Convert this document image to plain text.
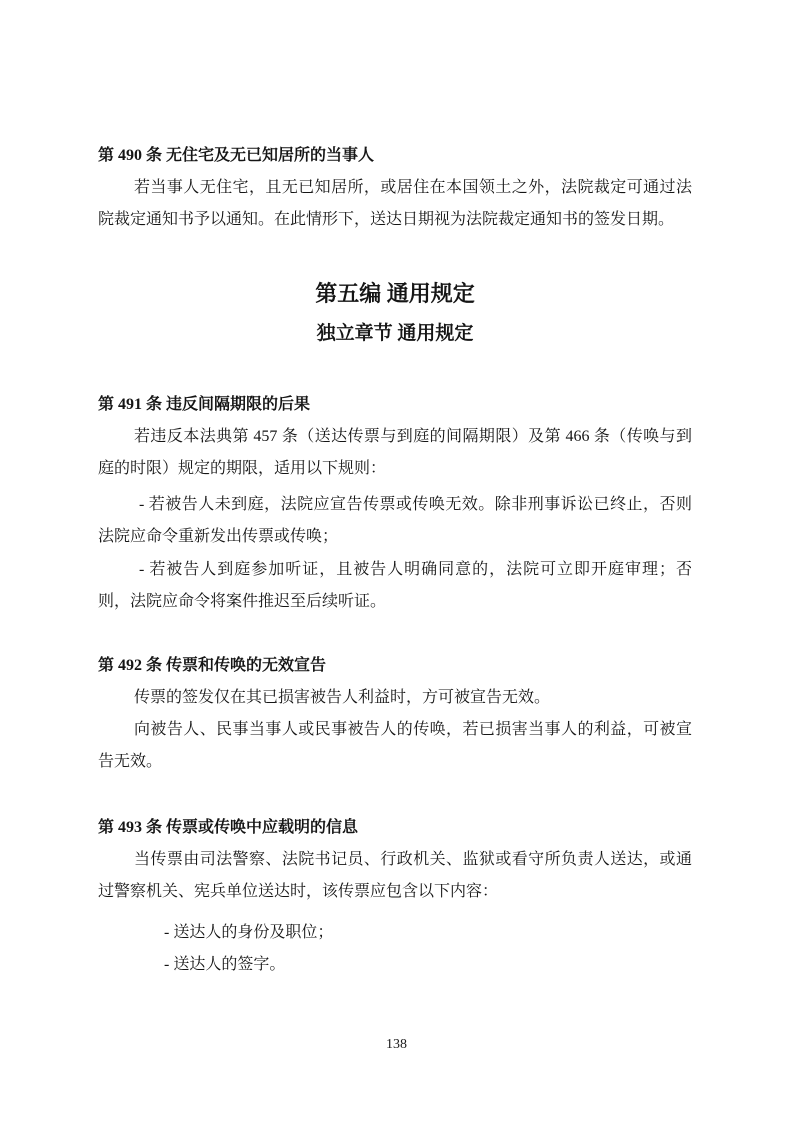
第 490 条 无住宅及无已知居所的当事人

若当事人无住宅，且无已知居所，或居住在本国领土之外，法院裁定可通过法院裁定通知书予以通知。在此情形下，送达日期视为法院裁定通知书的签发日期。

第五编 通用规定
独立章节 通用规定
第 491 条 违反间隔期限的后果

若违反本法典第 457 条（送达传票与到庭的间隔期限）及第 466 条（传唤与到庭的时限）规定的期限，适用以下规则：

- 若被告人未到庭，法院应宣告传票或传唤无效。除非刑事诉讼已终止，否则法院应命令重新发出传票或传唤；

- 若被告人到庭参加听证，且被告人明确同意的，法院可立即开庭审理；否则，法院应命令将案件推迟至后续听证。

第 492 条 传票和传唤的无效宣告

传票的签发仅在其已损害被告人利益时，方可被宣告无效。

向被告人、民事当事人或民事被告人的传唤，若已损害当事人的利益，可被宣告无效。

第 493 条 传票或传唤中应载明的信息

当传票由司法警察、法院书记员、行政机关、监狱或看守所负责人送达，或通过警察机关、宪兵单位送达时，该传票应包含以下内容：

- 送达人的身份及职位；

- 送达人的签字。

138
